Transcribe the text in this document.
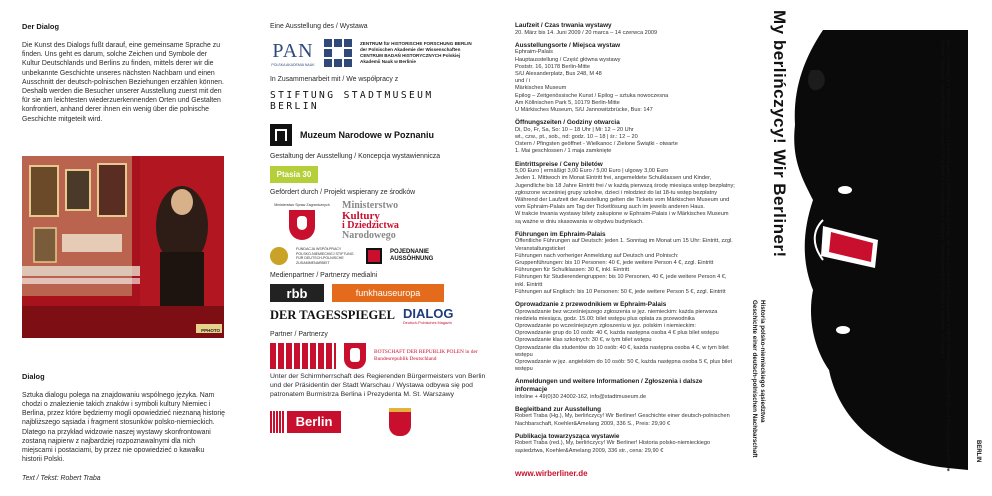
Der Dialog
Die Kunst des Dialogs fußt darauf, eine gemeinsame Sprache zu finden. Uns geht es darum, solche Zeichen und Symbole der Kultur Deutschlands und Berlins zu finden, mittels derer wir die unbekannte Geschichte unseres nächsten Nachbarn und einen Ausschnitt der deutsch-polnischen Beziehungen erzählen können. Deshalb werden die Besucher unserer Ausstellung zuerst mit den für sie am leichtesten wiederzuerkennenden Orten und Gestalten konfrontiert, anhand derer ihnen ein wenig über die polnische Geschichte mitgeteilt wird.
PPHOTO
Dialog
Sztuka dialogu polega na znajdowaniu wspólnego języka. Nam chodzi o znalezienie takich znaków i symboli kultury Niemiec i Berlina, przez które będziemy mogli opowiedzieć nieznaną historię najbliższego sąsiada i fragment stosunków polsko-niemieckich. Dlatego na przykład widzowie naszej wystawy skonfrontowani zostaną najpierw z najbardziej rozpoznawalnymi dla nich miejscami i postaciami, by przez nie opowiedzieć o kawałku historii Polski.
Text / Tekst: Robert Traba
Eine Ausstellung des / Wystawa
PAN
POLSKA AKADEMIA NAUK
ZENTRUM für HISTORISCHE FORSCHUNG BERLIN der Polnischen Akademie der Wissenschaften CENTRUM BADAŃ HISTORYCZNYCH Polskiej Akademii Nauk w Berlinie
In Zusammenarbeit mit / We współpracy z
STIFTUNG STADTMUSEUM BERLIN
Muzeum Narodowe w Poznaniu
Gestaltung der Ausstellung / Koncepcja wystawiennicza
Ptasia 30
Gefördert durch / Projekt wspierany ze środków
Ministerstwo Spraw Zagranicznych	Ministerstwo
Kultury
i Dziedzictwa
Narodowego
FUNDACJA WSPÓŁPRACY POLSKO-NIEMIECKIEJ STIFTUNG FÜR DEUTSCH-POLNISCHE ZUSAMMENARBEIT
POJEDNANIE AUSSÖHNUNG
Medienpartner / Partnerzy medialni
rbb	funkhauseuropa
DER TAGESSPIEGEL DIALOG
Deutsch-Polnisches Magazin
Partner / Partnerzy
BOTSCHAFT DER REPUBLIK POLEN in der Bundesrepublik Deutschland
Unter der Schirmherrschaft des Regierenden Bürgermeisters von Berlin und der Präsidentin der Stadt Warschau / Wystawa odbywa się pod patronatem Burmistrza Berlina i Prezydenta M. St. Warszawy
Berlin
Laufzeit / Czas trwania wystawy
20. März bis 14. Juni 2009 / 20 marca – 14 czerwca 2009
Ausstellungsorte / Miejsca wystaw
Ephraim-Palais
Hauptausstellung / Część główna wystawy
Poststr. 16, 10178 Berlin-Mitte
S/U Alexanderplatz, Bus 248, M 48
und / i
Märkisches Museum
Epilog – Zeitgenössische Kunst / Epilog – sztuka nowoczesna
Am Köllnischen Park 5, 10179 Berlin-Mitte
U Märkisches Museum, S/U Jannowitzbrücke, Bus: 147
Öffnungszeiten / Godziny otwarcia
Di, Do, Fr, Sa, So: 10 – 18 Uhr | Mi: 12 – 20 Uhr
wt., czw., pt., sob., nd: godz. 10 – 18 | śr.: 12 – 20
Ostern / Pfingsten geöffnet - Wielkanoc / Zielone Świątki - otwarte
1. Mai geschlossen / 1 maja zamknięte
Eintrittspreise / Ceny biletów
5,00 Euro | ermäßigt 3,00 Euro / 5,00 Euro | ulgowy 3,00 Euro
Jeden 1. Mittwoch im Monat Eintritt frei, angemeldete Schulklassen und Kinder, Jugendliche bis 18 Jahre Eintritt frei / w każdą pierwszą środę miesiąca wstęp bezpłatny; zgłoszone wcześniej grupy szkolne, dzieci i młodzież do lat 18-tu wstęp bezpłatny
Während der Laufzeit der Ausstellung gelten die Tickets vom Märkischen Museum und vom Ephraim-Palais am Tag der Ticketlösung auch im jeweils anderen Haus.
W trakcie trwania wystawy bilety zakupione w Ephraim-Palais i w Märkisches Museum są ważne w dniu skasowania w obydwu budynkach.
Führungen im Ephraim-Palais
Öffentliche Führungen auf Deutsch: jeden 1. Sonntag im Monat um 15 Uhr: Eintritt, zzgl. Veranstaltungsticket
Führungen nach vorheriger Anmeldung auf Deutsch und Polnisch:
Gruppenführungen: bis 10 Personen: 40 €, jede weitere Person 4 €, zzgl. Eintritt
Führungen für Schulklassen: 30 €, inkl. Eintritt
Führungen für Studierendengruppen: bis 10 Personen, 40 €, jede weitere Person 4 €, inkl. Eintritt
Führungen auf Englisch: bis 10 Personen: 50 €, jede weitere Person 5 €, zzgl. Eintritt
Oprowadzanie z przewodnikiem w Ephraim-Palais
Oprowadzanie bez wcześniejszego zgłoszenia w jęz. niemieckim: każda pierwsza niedziela miesiąca, godz. 15.00: bilet wstępu plus opłata za przewodnika
Oprowadzanie po wcześniejszym zgłoszeniu w jęz. polskim i niemieckim:
Oprowadzanie grup do 10 osób: 40 €, każda następna osoba 4 € plus bilet wstępu
Oprowadzanie klas szkolnych: 30 €, w tym bilet wstępu
Oprowadzanie dla studentów do 10 osób: 40 €, każda następna osoba 4 €, w tym bilet wstępu
Oprowadzanie w jęz. angielskim do 10 osób: 50 €, każda następna osoba 5 €, plus bilet wstępu
Anmeldungen und weitere Informationen / Zgłoszenia i dalsze informacje
Infoline + 49(0)30 24002-162, info@stadtmuseum.de
Begleitband zur Ausstellung
Robert Traba (Hg.), My, berlińczycy! Wir Berliner! Geschichte einer deutsch-polnischen Nachbarschaft, Koehler&Amelang 2009, 336 S., Preis: 29,90 €
Publikacja towarzysząca wystawie
Robert Traba (red.), My, berlińczycy! Wir Berliner! Historia polsko-niemieckiego sąsiedztwa, Koehler&Amelang 2009, 336 str., cena: 29,90 €
www.wirberliner.de
My berlińczycy! Wir Berliner!
Historia polsko-niemieckiego sąsiedztwa
Geschichte einer deutsch-polnischen Nachbarschaft	Eine Ausstellung des Zentrums für Historische Forschung Berlin der Polnischen Akademie der Wissenschaften in Zusammenarbeit mit der Stiftung Stadtmuseum Berlin und dem Muzeum Narodowe Poznań / Wystawa Centrum Badań Historycznych PAN w Berlinie we współpracy ze Stiftung Stadtmuseum Berlin i Muzeum Narodowe w Poznaniu
BERLIN
